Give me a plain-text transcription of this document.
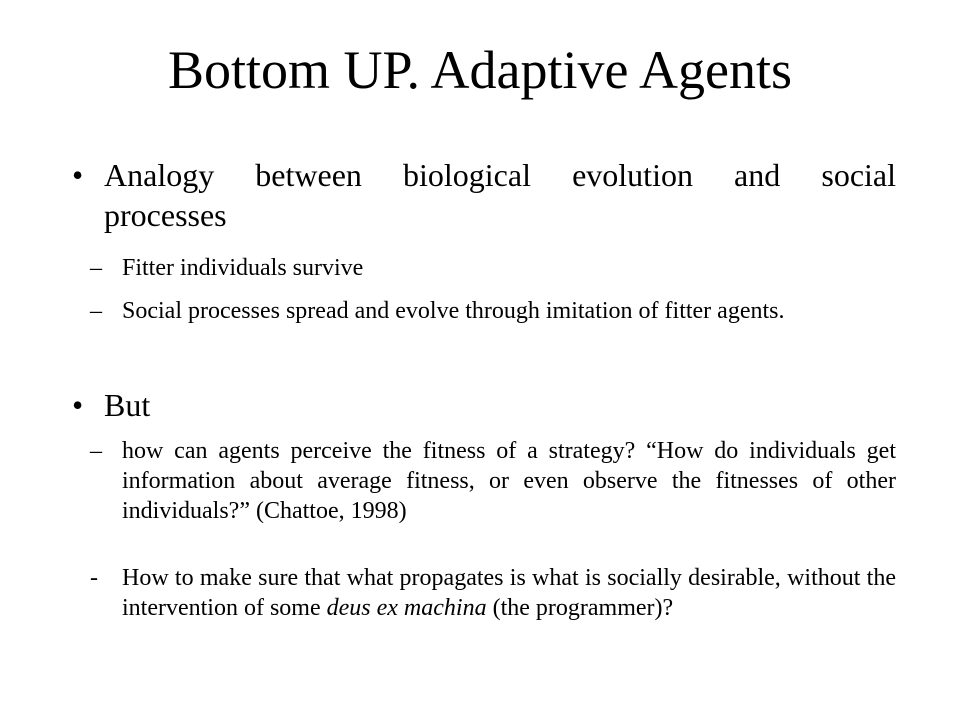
Bottom UP. Adaptive Agents
• Analogy between biological evolution and social
processes
– Fitter individuals survive
– Social processes spread and evolve through imitation of fitter agents.
• But
– how can agents perceive the fitness of a strategy? “How do individuals get information about average fitness, or even observe the fitnesses of other individuals?” (Chattoe, 1998)
- How to make sure that what propagates is what is socially desirable, without the intervention of some deus ex machina (the programmer)?
